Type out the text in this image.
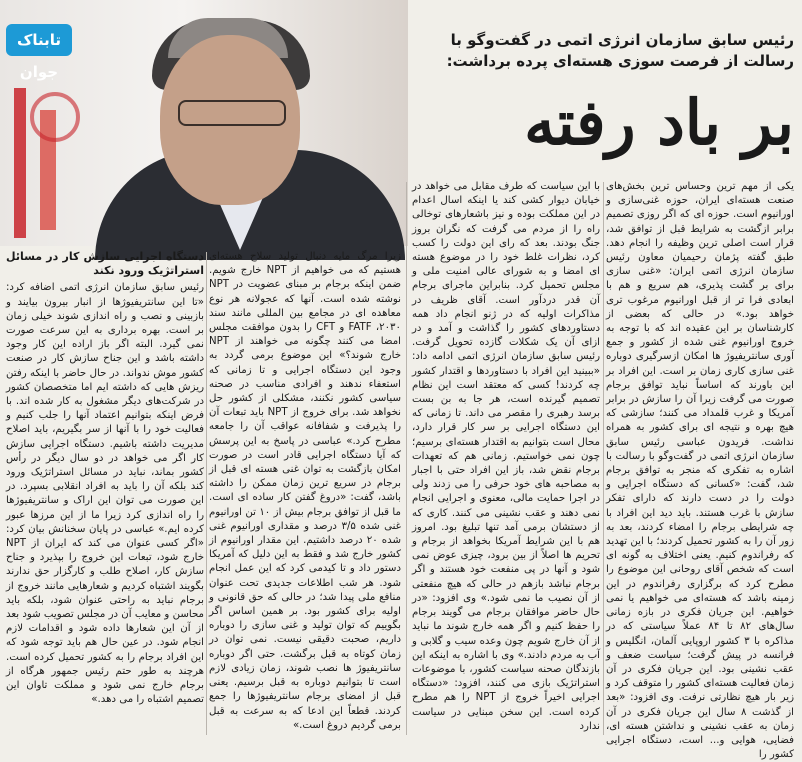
تابناک جوان
رئیس سابق سازمان انرژی اتمی در گفت‌وگو با رسالت از فرصت سوزی هسته‌ای پرده برداشت:
بر باد رفته

یکی از مهم ترین وحساس ترین بخش‌های صنعت هسته‌ای ایران، حوزه غنی‌سازی و اورانیوم است. حوزه ای که اگر روزی تصمیم برابر ازگشت به شرایط قبل از توافق شد، قرار است اصلی ترین وظیفه را انجام دهد. طبق گفته پژمان رحیمیان معاون رئیس سازمان انرژی اتمی ایران: «غنی سازی برای بر گشت پذیری، هم سریع و هم با ابعادی فرا تر از قبل اورانیوم مرغوب تری خواهد بود.» در حالی که بعضی از کارشناسان بر این عقیده اند که با توجه به خروج اورانیوم غنی شده از کشور و جمع آوری سانتریفیوژ ها امکان ازسرگیری دوباره غنی سازی کاری زمان بر است. این افراد بر این باورند که اساساً نباید توافق برجام صورت می گرفت زیرا آن را سازش در برابر آمریکا و غرب قلمداد می کنند؛ سازشی که هیچ بهره و نتیجه ای برای کشور به همراه نداشت. فریدون عباسی رئیس سابق سازمان انرژی اتمی در گفت‌وگو با رسالت با اشاره به تفکری که منجر به توافق برجام شد، گفت: «کسانی که دستگاه اجرایی و دولت را در دست دارند که دارای تفکر سازش با غرب هستند. باید دید این افراد با چه شرایطی برجام را امضاء کردند، بعد به زور آن را به کشور تحمیل کردند؛ با این تهدید که رفراندوم کنیم. یعنی اختلاف به گونه ای است که شخص آقای روحانی این موضوع را مطرح کرد که برگزاری رفراندوم در این زمینه باشد که هسته‌ای می خواهیم یا نمی خواهیم. این جریان فکری در بازه زمانی سال‌های ۸۲ تا ۸۴ عملاً سیاستی که در مذاکره با ۳ کشور اروپایی آلمان، انگلیس و فرانسه در پیش گرفت؛ سیاست ضعف و عقب نشینی بود. این جریان فکری در آن زمان فعالیت هسته‌ای کشور را متوقف کرد و زیر بار هیچ نظارتی نرفت. وی افزود: «بعد از گذشت ۸ سال این جریان فکری در آن زمان به عقب نشینی و نداشتن هسته ای، فضایی، هوایی و... است، دستگاه اجرایی کشور را

با این سیاست که طرف مقابل می خواهد در خیابان دیوار کشی کند یا اینکه اسال اعدام در این مملکت بوده و نیز باشعارهای توخالی راه را از مردم می گرفت که نگران بروز جنگ بودند. بعد که رای این دولت را کسب کرد، نظرات غلط خود را در موضوع هسته ای امضا و به شورای عالی امنیت ملی و مجلس تحمیل کرد. بنابراین ماجرای برجام آن قدر دردآور است. آقای ظریف در مذاکرات اولیه که در ژنو انجام داد همه دستاوردهای کشور را گذاشت و آمد و در ازای آن یک شکلات گازده تحویل گرفت. رئیس سابق سازمان انرژی اتمی ادامه داد: «ببینید این افراد با دستاوردها و اقتدار کشور چه کردند! کسی که معتقد است این نظام تصمیم گیرنده است، هر جا به بن بست برسد رهبری را مقصر می داند. تا زمانی که این دستگاه اجرایی بر سر کار قرار دارد، محال است بتوانیم به اقتدار هسته‌ای برسیم؛ چون نمی خواستیم. زمانی هم که تعهدات برجام نقض شد، باز این افراد حتی با اجبار به مصاحبه های خود حرفی را می زدند ولی در اجرا حمایت مالی، معنوی و اجرایی انجام نمی دهند و عقب نشینی می کنند. کاری که از دستشان برمی آمد تنها تبلیغ بود. امروز هم با این شرایط آمریکا بخواهد از برجام و تحریم ها اصلاً از بین برود، چیزی عوض نمی شود و آنها در پی منفعت خود هستند و اگر برجام نباشد بازهم در حالی که هیچ منفعتی از آن نصیب ما نمی شود.» وی افزود: «در حال حاضر موافقان برجام می گویند برجام را حفظ کنیم و اگر همه خارج شوند ما نباید از آن خارج شویم چون وعده سیب و گلابی و آب به مردم دادند.» وی با اشاره به اینکه این بازندگان صحنه سیاست کشور، با موضوعات استراتژیک بازی می کنند، افزود: «دستگاه اجرایی اخیراً خروج از NPT را هم مطرح کرده است. این سخن مبنایی در سیاست ندارد

زیرا مرگ مایه دنبال تولید سلاح هسته‌ای هستیم که می خواهیم از NPT خارج شویم. ضمن اینکه برجام بر مبنای عضویت در NPT نوشته شده است. آنها که عجولانه هر نوع معاهده ای در مجامع بین المللی مانند سند ۲۰۳۰، FATF و CFT را بدون موافقت مجلس امضا می کنند چگونه می خواهند از NPT خارج شوند؟» این موضوع برمی گردد به وجود این دستگاه اجرایی و تا زمانی که استعفاء ندهند و افرادی مناسب در صحنه سیاسی کشور نکنند، مشکلی از کشور حل نخواهد شد. برای خروج از NPT باید تبعات آن را پذیرفت و شفافانه عواقب آن را جامعه مطرح کرد.» عباسی در پاسخ به این پرسش که آیا دستگاه اجرایی قادر است در صورت امکان بازگشت به توان غنی هسته ای قبل از برجام در سریع ترین زمان ممکن را داشته باشد، گفت: «دروغ گفتن کار ساده ای است. ما قبل از توافق برجام بیش از ۱۰ تن اورانیوم غنی شده ۳/۵ درصد و مقداری اورانیوم غنی شده ۲۰ درصد داشتیم. این مقدار اورانیوم از کشور خارج شد و فقط به این دلیل که آمریکا دستور داد و تا کیدمی کرد که این عمل انجام شود. هر شب اطلاعات جدیدی تحت عنوان منافع ملی پیدا شد؛ در حالی که حق قانونی و اولیه برای کشور بود. بر همین اساس اگر بگوییم که توان تولید و غنی سازی را دوباره داریم، صحبت دقیقی نیست. نمی توان در زمان کوتاه به قبل برگشت. حتی اگر دوباره سانتریفیوژ ها نصب شوند، زمان زیادی لازم است تا بتوانیم دوباره به قبل برسیم. یعنی قبل از امضای برجام سانتریفیوژها را جمع کردند. قطعاً این ادعا که به سرعت به قبل برمی گردیم دروغ است.»

دستگاه اجرایی سازش کار در مسائل استراتژیک ورود نکند
رئیس سابق سازمان انرژی اتمی اضافه کرد: «تا این سانتریفیوژها از انبار بیرون بیایند و بازبینی و نصب و راه اندازی شوند خیلی زمان بر است. بهره برداری به این سرعت صورت نمی گیرد. البته اگر باز اراده این کار وجود داشته باشد و این جناح سازش کار در صنعت کشور موش ندواند. در حال حاضر با اینکه رفتن ریزش هایی که داشته ایم اما متخصصان کشور در شرکت‌های دیگر مشغول به کار شده اند. با فرض اینکه بتوانیم اعتماد آنها را جلب کنیم و فعالیت خود را با آنها از سر بگیریم، باید اصلاح مدیریت داشته باشیم. دستگاه اجرایی سازش کار اگر می خواهد در دو سال دیگر در رأس کشور بماند، نباید در مسائل استراتژیک ورود کند بلکه آن را باید به افراد انقلابی بسپرد. در این صورت می توان این اراک و سانتریفیوژها را راه اندازی کرد زیرا ما از این مرزها عبور کرده ایم.» عباسی در پایان سخنانش بیان کرد: «اگر کسی عنوان می کند که ایران از NPT خارج شود، تبعات این خروج را بپذیرد و جناح سازش کار، اصلاح طلب و کارگزار حق ندارند بگویند اشتباه کردیم و شعارهایی مانند خروج از برجام نباید به راحتی عنوان شود، بلکه باید محاسن و معایب آن در مجلس تصویب شود بعد از آن این شعارها داده شود و اقدامات لازم انجام شود. در عین حال هم باید توجه شود که این افراد برجام را به کشور تحمیل کرده است. هرچند به طور حتم رئیس جمهور هرگاه از برجام خارج نمی شود و مملکت تاوان این تصمیم اشتباه را می دهد.»
